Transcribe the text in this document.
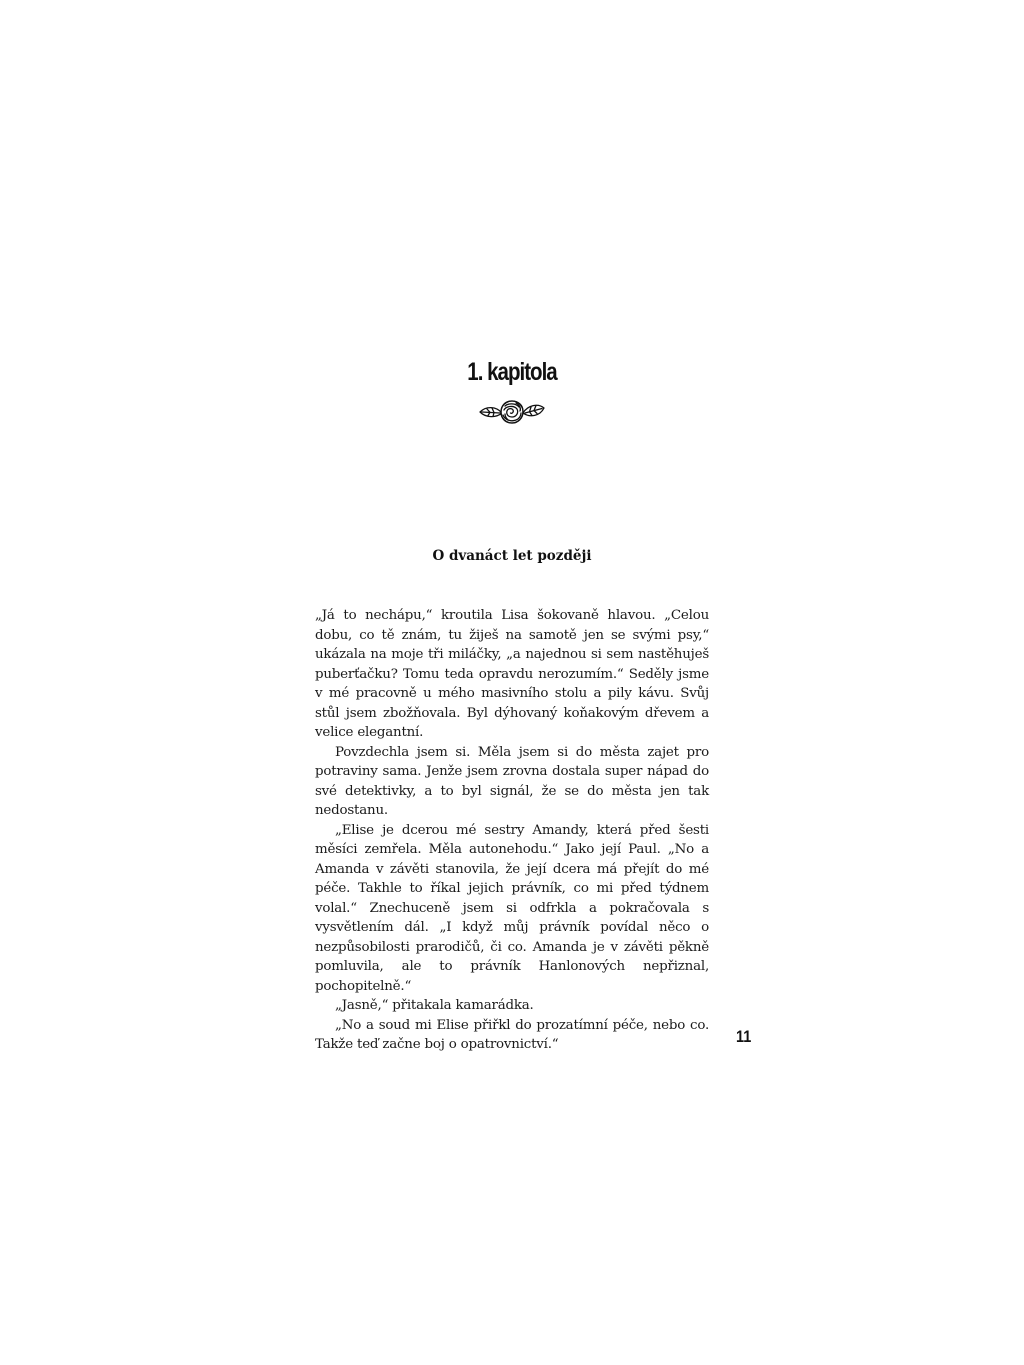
1. kapitola
O dvanáct let později

„Já to nechápu,“ kroutila Lisa šokovaně hlavou. „Celou dobu, co tě znám, tu žiješ na samotě jen se svými psy,“ ukázala na moje tři miláčky, „a najednou si sem nastěhuješ puberťačku? Tomu teda opravdu nerozumím.“ Seděly jsme v mé pracovně u mého masivního stolu a pily kávu. Svůj stůl jsem zbožňovala. Byl dýhovaný koňakovým dřevem a velice elegantní.

Povzdechla jsem si. Měla jsem si do města zajet pro potraviny sama. Jenže jsem zrovna dostala super nápad do své detektivky, a to byl signál, že se do města jen tak nedostanu.

„Elise je dcerou mé sestry Amandy, která před šesti měsíci zemřela. Měla autonehodu.“ Jako její Paul. „No a Amanda v závěti stanovila, že její dcera má přejít do mé péče. Takhle to říkal jejich právník, co mi před týdnem volal.“ Znechuceně jsem si odfrkla a pokračovala s vysvětlením dál. „I když můj právník povídal něco o nezpůsobilosti prarodičů, či co. Amanda je v závěti pěkně pomluvila, ale to právník Hanlonových nepřiznal, pochopitelně.“

„Jasně,“ přitakala kamarádka.

„No a soud mi Elise přiřkl do prozatímní péče, nebo co. Takže teď začne boj o opatrovnictví.“	11
